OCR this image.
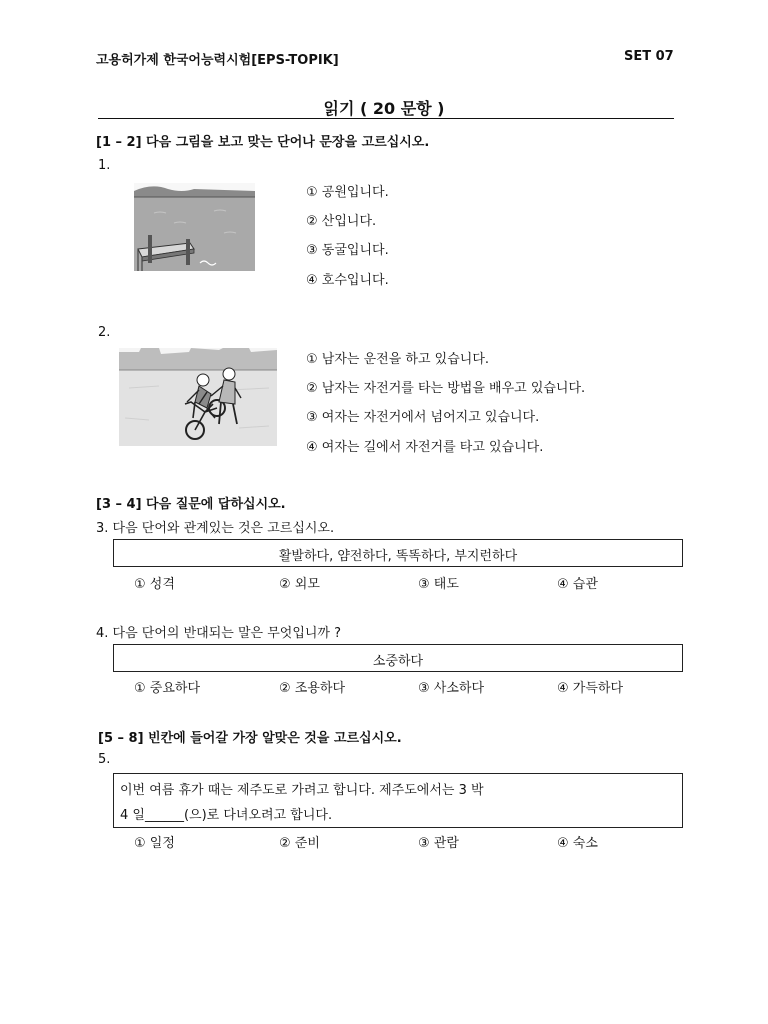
고용허가제 한국어능력시험[EPS-TOPIK]	SET 07
읽기 ( 20 문항 )
[1 – 2] 다음 그림을 보고 맞는 단어나 문장을 고르십시오.
1.
① 공원입니다.
② 산입니다.
③ 동굴입니다.
④ 호수입니다.
2.
① 남자는 운전을 하고 있습니다.
② 남자는 자전거를 타는 방법을 배우고 있습니다.
③ 여자는 자전거에서 넘어지고 있습니다.
④ 여자는 길에서 자전거를 타고 있습니다.
[3 – 4] 다음 질문에 답하십시오.
3. 다음 단어와 관계있는 것은 고르십시오.
활발하다, 얌전하다, 똑똑하다, 부지런하다
① 성격	② 외모	③ 태도	④ 습관
4. 다음 단어의 반대되는 말은 무엇입니까 ?
소중하다
① 중요하다	② 조용하다	③ 사소하다	④ 가득하다
[5 – 8] 빈칸에 들어갈 가장 알맞은 것을 고르십시오.
5.
이번 여름 휴가 때는 제주도로 가려고 합니다. 제주도에서는 3 박
4 일______(으)로 다녀오려고 합니다.
① 일정	② 준비	③ 관람	④ 숙소
